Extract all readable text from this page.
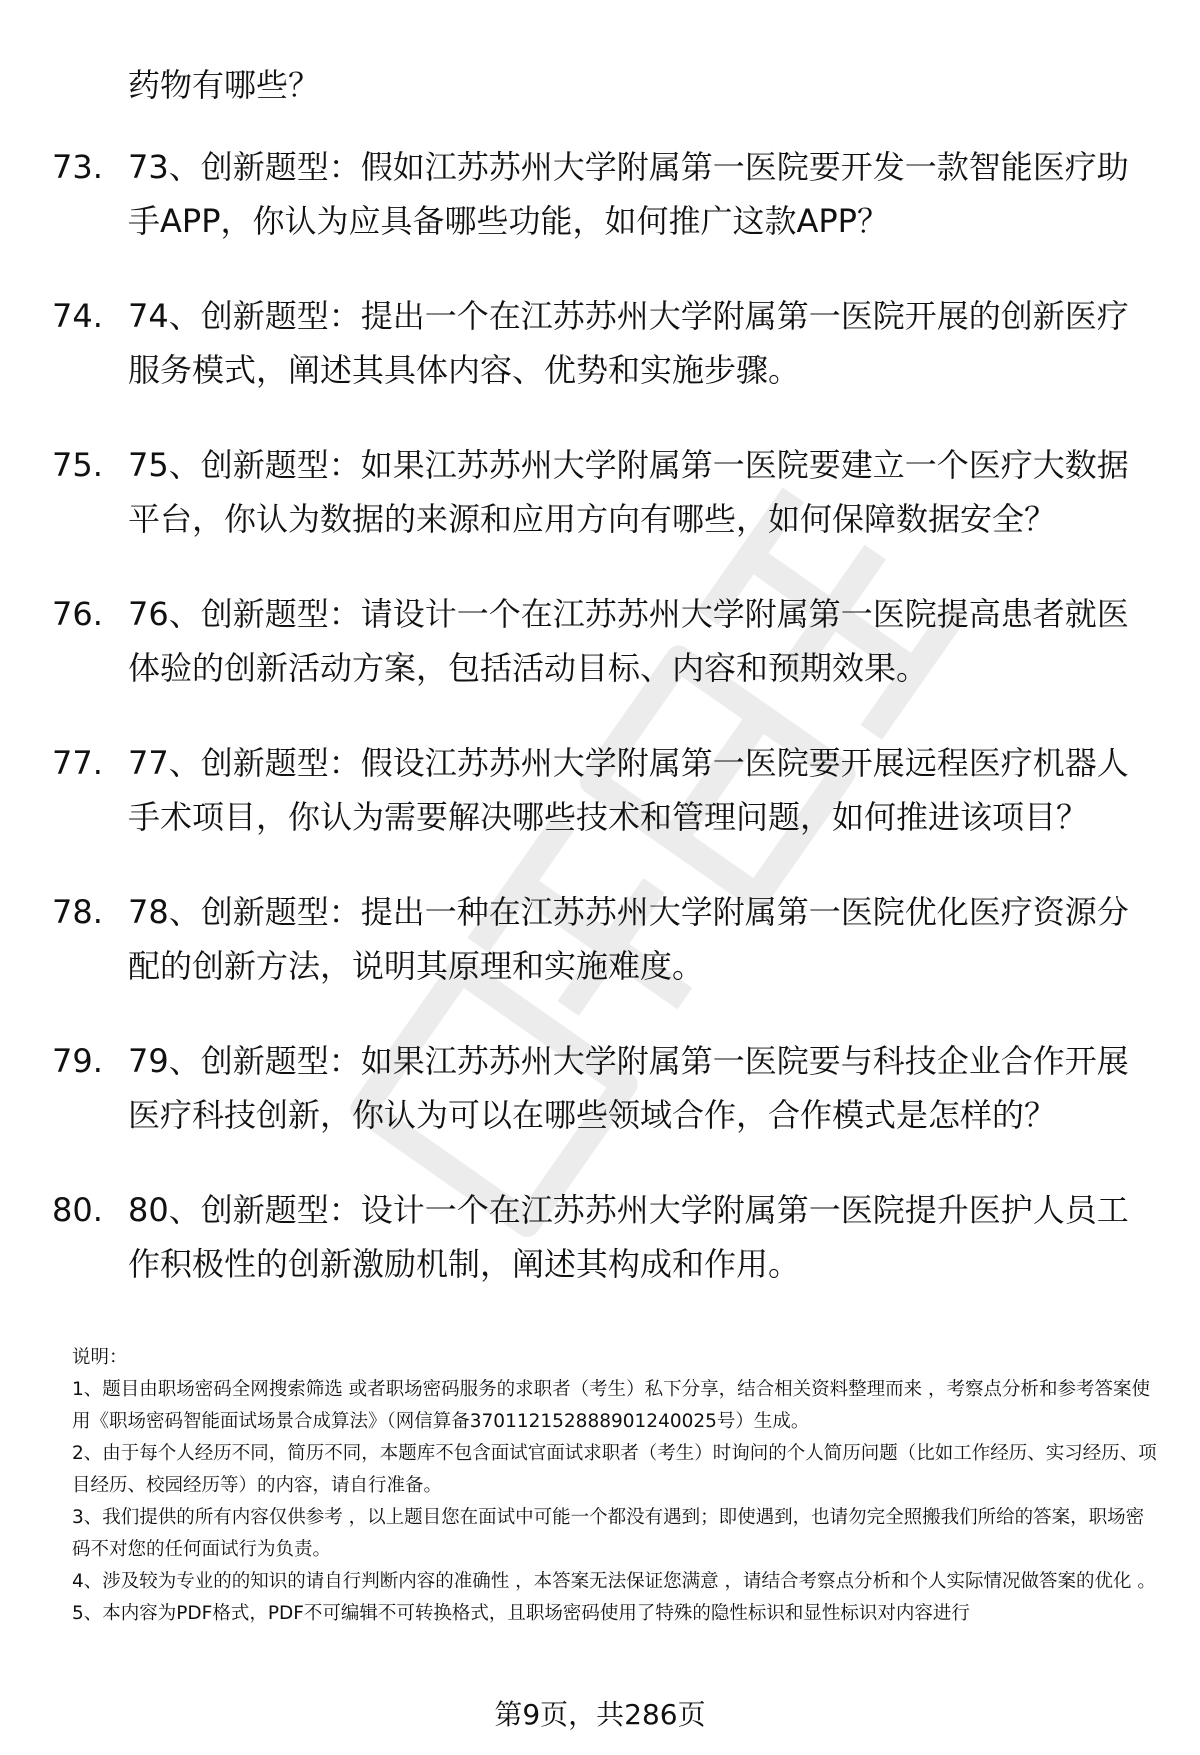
药物有哪些？
73. 73、创新题型：假如江苏苏州大学附属第一医院要开发一款智能医疗助手APP，你认为应具备哪些功能，如何推广这款APP？
74. 74、创新题型：提出一个在江苏苏州大学附属第一医院开展的创新医疗服务模式，阐述其具体内容、优势和实施步骤。
75. 75、创新题型：如果江苏苏州大学附属第一医院要建立一个医疗大数据平台，你认为数据的来源和应用方向有哪些，如何保障数据安全？
76. 76、创新题型：请设计一个在江苏苏州大学附属第一医院提高患者就医体验的创新活动方案，包括活动目标、内容和预期效果。
77. 77、创新题型：假设江苏苏州大学附属第一医院要开展远程医疗机器人手术项目，你认为需要解决哪些技术和管理问题，如何推进该项目？
78. 78、创新题型：提出一种在江苏苏州大学附属第一医院优化医疗资源分配的创新方法，说明其原理和实施难度。
79. 79、创新题型：如果江苏苏州大学附属第一医院要与科技企业合作开展医疗科技创新，你认为可以在哪些领域合作，合作模式是怎样的？
80. 80、创新题型：设计一个在江苏苏州大学附属第一医院提升医护人员工作积极性的创新激励机制，阐述其构成和作用。

说明：

1、题目由职场密码全网搜索筛选 或者职场密码服务的求职者（考生）私下分享，结合相关资料整理而来 ，考察点分析和参考答案使用《职场密码智能面试场景合成算法》（网信算备370112152888901240025号）生成。

2、由于每个人经历不同，简历不同，本题库不包含面试官面试求职者（考生）时询问的个人简历问题（比如工作经历、实习经历、项目经历、校园经历等）的内容，请自行准备。

3、我们提供的所有内容仅供参考 ，以上题目您在面试中可能一个都没有遇到；即使遇到，也请勿完全照搬我们所给的答案，职场密码不对您的任何面试行为负责。

4、涉及较为专业的的知识的请自行判断内容的准确性 ，本答案无法保证您满意 ，请结合考察点分析和个人实际情况做答案的优化 。

5、本内容为PDF格式，PDF不可编辑不可转换格式，且职场密码使用了特殊的隐性标识和显性标识对内容进行

第9页，共286页
